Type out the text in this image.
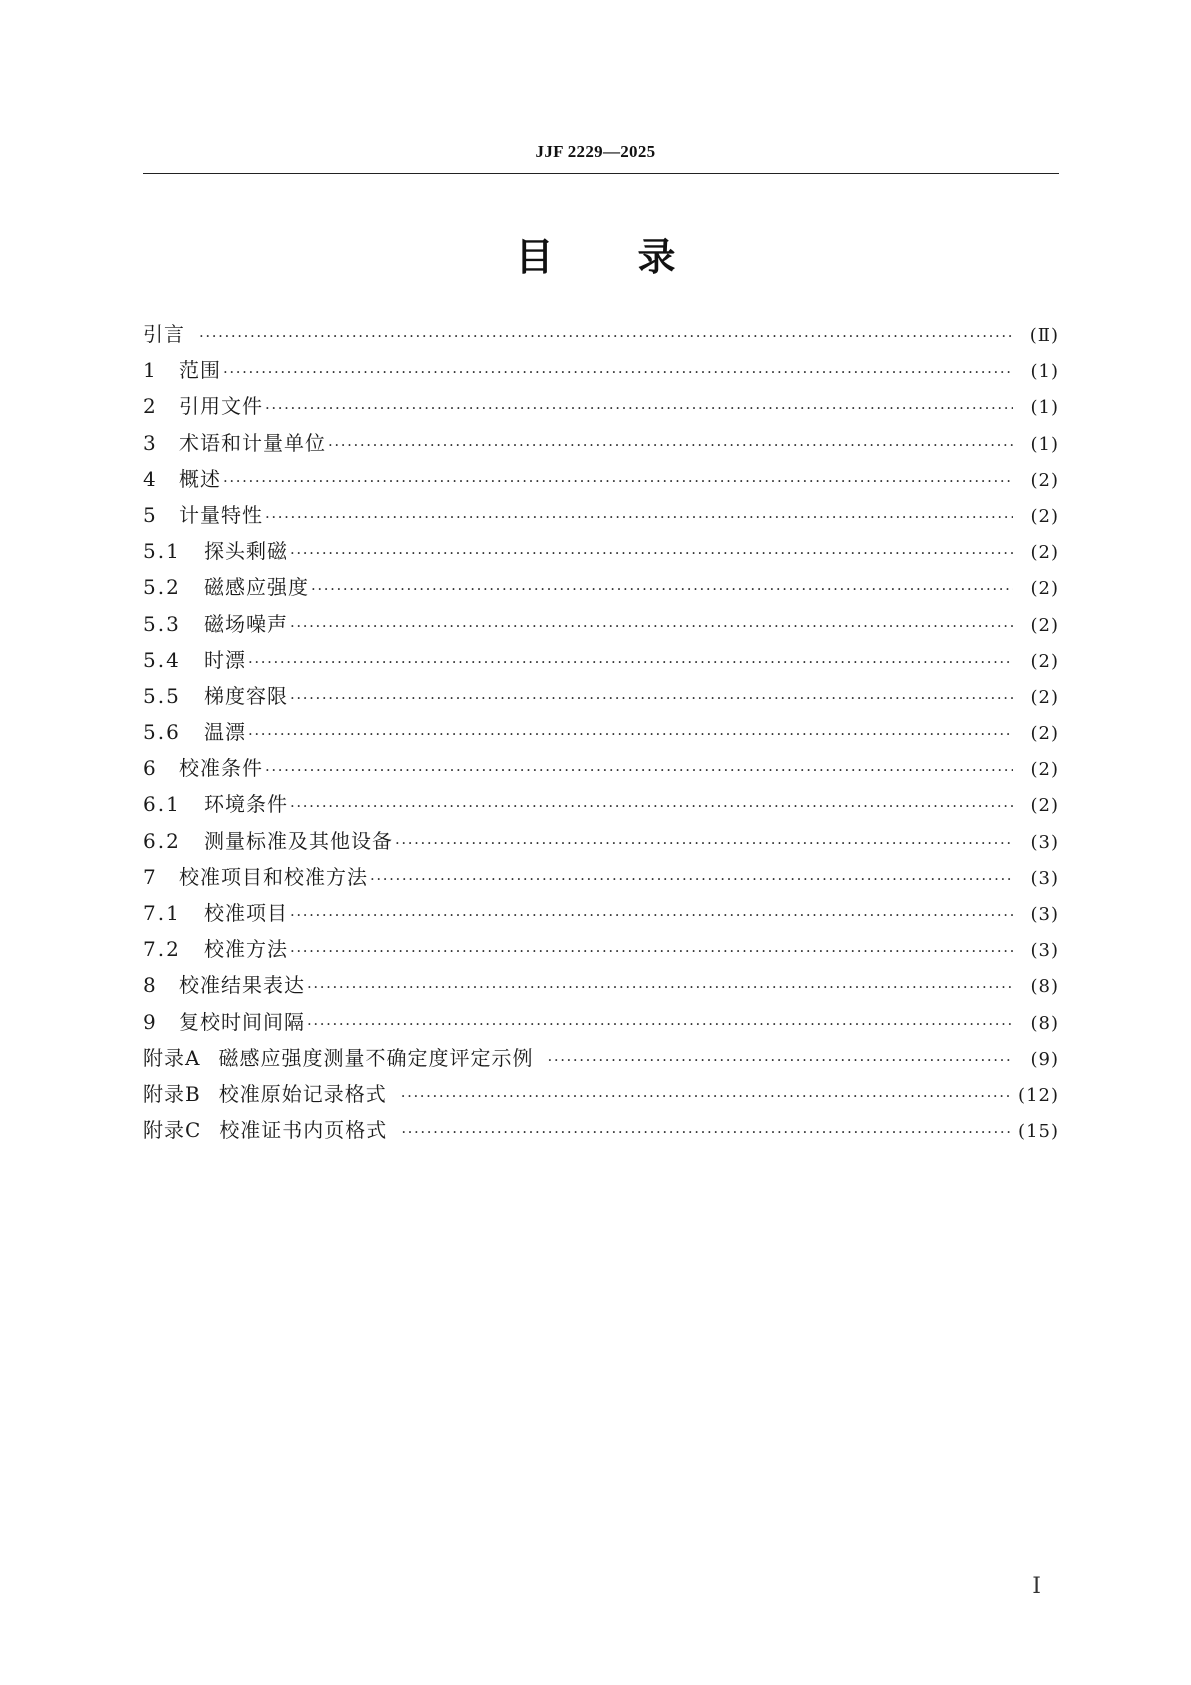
JJF 2229—2025
目录
引言 ·····	(Ⅱ)
1	范围 ·····	(1)
2	引用文件 ·····	(1)
3	术语和计量单位 ·····	(1)
4	概述 ·····	(2)
5	计量特性 ·····	(2)
5.1	探头剩磁 ·····	(2)
5.2	磁感应强度 ·····	(2)
5.3	磁场噪声 ·····	(2)
5.4	时漂 ·····	(2)
5.5	梯度容限 ·····	(2)
5.6	温漂 ·····	(2)
6	校准条件 ·····	(2)
6.1	环境条件 ·····	(2)
6.2	测量标准及其他设备 ·····	(3)
7	校准项目和校准方法 ·····	(3)
7.1	校准项目 ·····	(3)
7.2	校准方法 ·····	(3)
8	校准结果表达 ·····	(8)
9	复校时间间隔 ·····	(8)
附录A 磁感应强度测量不确定度评定示例 ·····	(9)
附录B 校准原始记录格式 ·····	(12)
附录C 校准证书内页格式 ·····	(15)
Ⅰ
